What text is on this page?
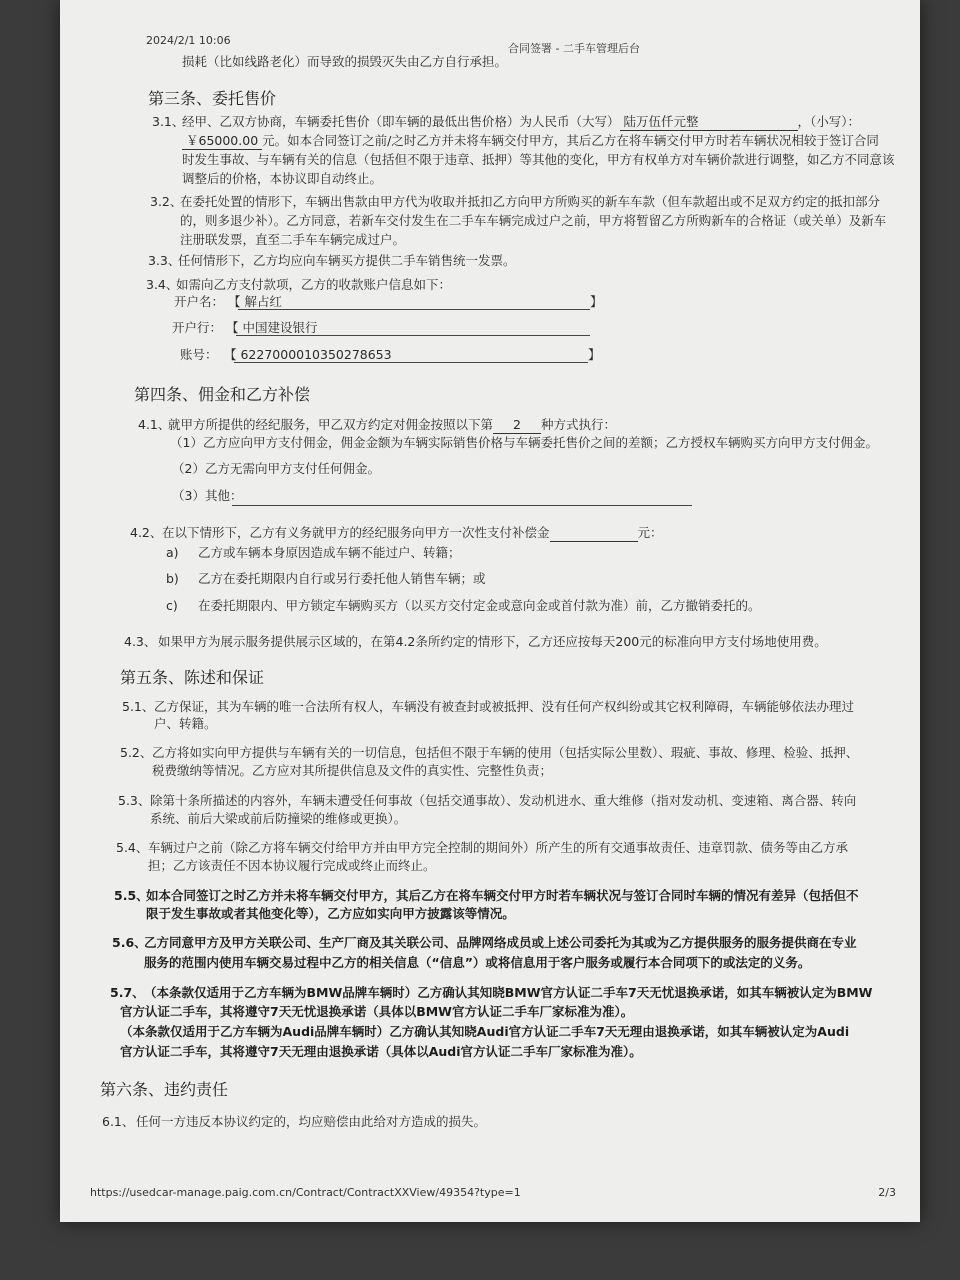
2024/2/1 10:06
合同签署 - 二手车管理后台
损耗（比如线路老化）而导致的损毁灭失由乙方自行承担。
第三条、委托售价
3.1、
经甲、乙双方协商，车辆委托售价（即车辆的最低出售价格）为人民币（大写） 陆万伍仟元整	，（小写）：
￥65000.00 元。如本合同签订之前/之时乙方并未将车辆交付甲方，其后乙方在将车辆交付甲方时若车辆状况相较于签订合同
时发生事故、与车辆有关的信息（包括但不限于违章、抵押）等其他的变化，甲方有权单方对车辆价款进行调整，如乙方不同意该
调整后的价格，本协议即自动终止。
3.2、
在委托处置的情形下，车辆出售款由甲方代为收取并抵扣乙方向甲方所购买的新车车款（但车款超出或不足双方约定的抵扣部分
的，则多退少补）。乙方同意，若新车交付发生在二手车车辆完成过户之前，甲方将暂留乙方所购新车的合格证（或关单）及新车
注册联发票，直至二手车车辆完成过户。
3.3、
任何情形下，乙方均应向车辆买方提供二手车销售统一发票。
3.4、
如需向乙方支付款项，乙方的收款账户信息如下：
开户名： 【 解占红	】
开户行： 【 中国建设银行
账号： 【 6227000010350278653	】
第四条、佣金和乙方补偿
4.1、
就甲方所提供的经纪服务，甲乙双方约定对佣金按照以下第 2 种方式执行：
（1）乙方应向甲方支付佣金，佣金金额为车辆实际销售价格与车辆委托售价之间的差额；乙方授权车辆购买方向甲方支付佣金。
（2）乙方无需向甲方支付任何佣金。
（3）其他：
4.2、 在以下情形下，乙方有义务就甲方的经纪服务向甲方一次性支付补偿金	元：
a) 乙方或车辆本身原因造成车辆不能过户、转籍；
b) 乙方在委托期限内自行或另行委托他人销售车辆；或
c) 在委托期限内、甲方锁定车辆购买方（以买方交付定金或意向金或首付款为准）前，乙方撤销委托的。
4.3、 如果甲方为展示服务提供展示区域的，在第4.2条所约定的情形下，乙方还应按每天200元的标准向甲方支付场地使用费。
第五条、陈述和保证
5.1、 乙方保证，其为车辆的唯一合法所有权人，车辆没有被查封或被抵押、没有任何产权纠纷或其它权利障碍，车辆能够依法办理过
户、转籍。
5.2、 乙方将如实向甲方提供与车辆有关的一切信息，包括但不限于车辆的使用（包括实际公里数）、瑕疵、事故、修理、检验、抵押、
税费缴纳等情况。乙方应对其所提供信息及文件的真实性、完整性负责；
5.3、 除第十条所描述的内容外，车辆未遭受任何事故（包括交通事故）、发动机进水、重大维修（指对发动机、变速箱、离合器、转向
系统、前后大梁或前后防撞梁的维修或更换）。
5.4、 车辆过户之前（除乙方将车辆交付给甲方并由甲方完全控制的期间外）所产生的所有交通事故责任、违章罚款、债务等由乙方承
担；乙方该责任不因本协议履行完成或终止而终止。
5.5、
如本合同签订之时乙方并未将车辆交付甲方，其后乙方在将车辆交付甲方时若车辆状况与签订合同时车辆的情况有差异（包括但不
限于发生事故或者其他变化等），乙方应如实向甲方披露该等情况。
5.6、
乙方同意甲方及甲方关联公司、生产厂商及其关联公司、品牌网络成员或上述公司委托为其或为乙方提供服务的服务提供商在专业
服务的范围内使用车辆交易过程中乙方的相关信息（“信息”）或将信息用于客户服务或履行本合同项下的或法定的义务。
5.7、 （本条款仅适用于乙方车辆为BMW品牌车辆时）乙方确认其知晓BMW官方认证二手车7天无忧退换承诺，如其车辆被认定为BMW
官方认证二手车，其将遵守7天无忧退换承诺（具体以BMW官方认证二手车厂家标准为准）。
（本条款仅适用于乙方车辆为Audi品牌车辆时）乙方确认其知晓Audi官方认证二手车7天无理由退换承诺，如其车辆被认定为Audi
官方认证二手车，其将遵守7天无理由退换承诺（具体以Audi官方认证二手车厂家标准为准）。
第六条、违约责任
6.1、 任何一方违反本协议约定的，均应赔偿由此给对方造成的损失。
https://usedcar-manage.paig.com.cn/Contract/ContractXXView/49354?type=1	2/3
